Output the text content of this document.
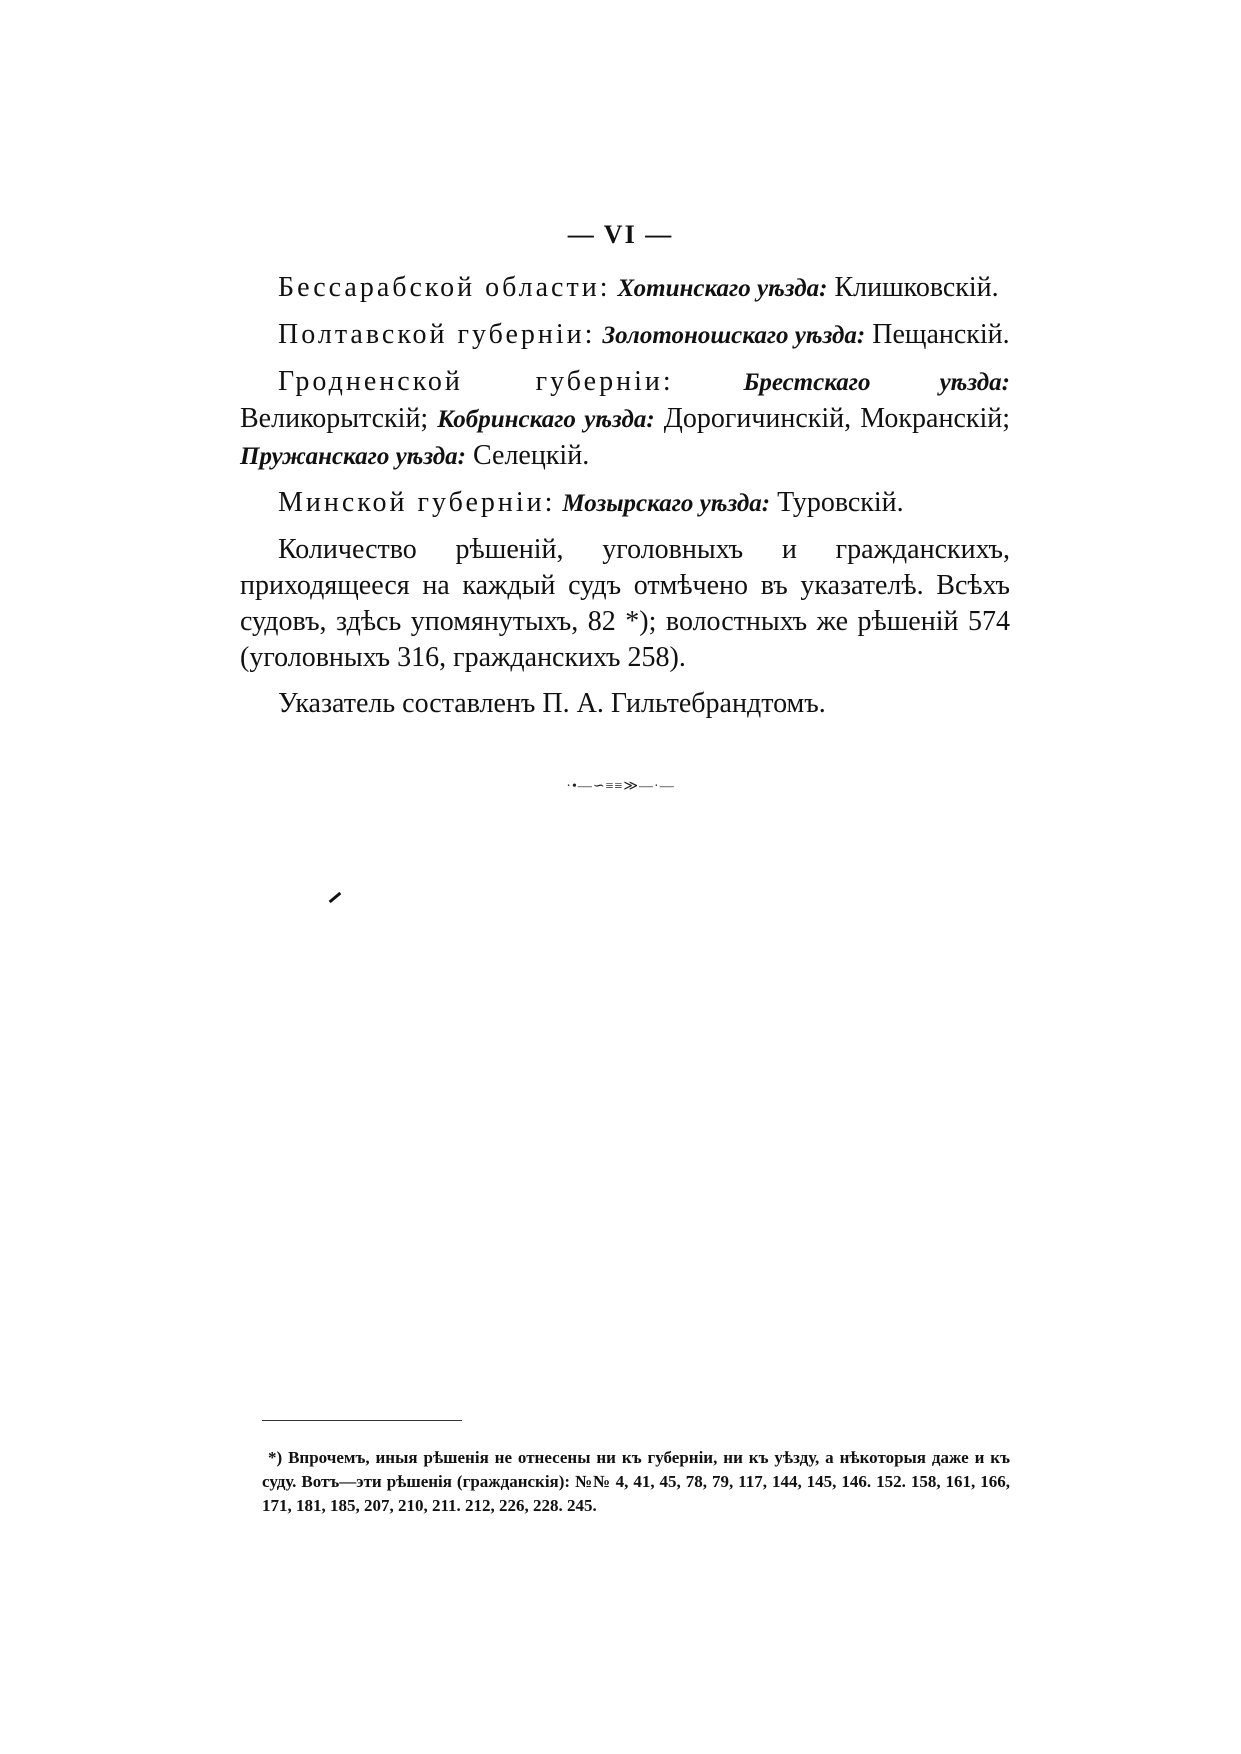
— VI —

Бессарабской области: Хотинскаго уѣзда: Клишковскій.

Полтавской губерніи: Золотоношскаго уѣзда: Пещанскій.

Гродненской губерніи:	Брестскаго уѣзда: Великорытскій; Кобринскаго уѣзда: Дорогичинскій, Мокранскій; Пружанскаго уѣзда: Селецкій.

Минской губерніи: Мозырскаго уѣзда: Туровскій.

Количество рѣшеній, уголовныхъ и гражданскихъ, приходящееся на каждый судъ отмѣчено въ указателѣ. Всѣхъ судовъ, здѣсь упомянутыхъ, 82 *); волостныхъ же рѣшеній 574 (уголовныхъ 316, гражданскихъ 258).

Указатель составленъ П. А. Гильтебрандтомъ.

·•—∽≡≡≫—·—

*) Впрочемъ, иныя рѣшенія не отнесены ни къ губерніи, ни къ уѣзду, а нѣкоторыя даже и къ суду. Вотъ—эти рѣшенія (гражданскія): №№ 4, 41, 45, 78, 79, 117, 144, 145, 146. 152. 158, 161, 166, 171, 181, 185, 207, 210, 211. 212, 226, 228. 245.
